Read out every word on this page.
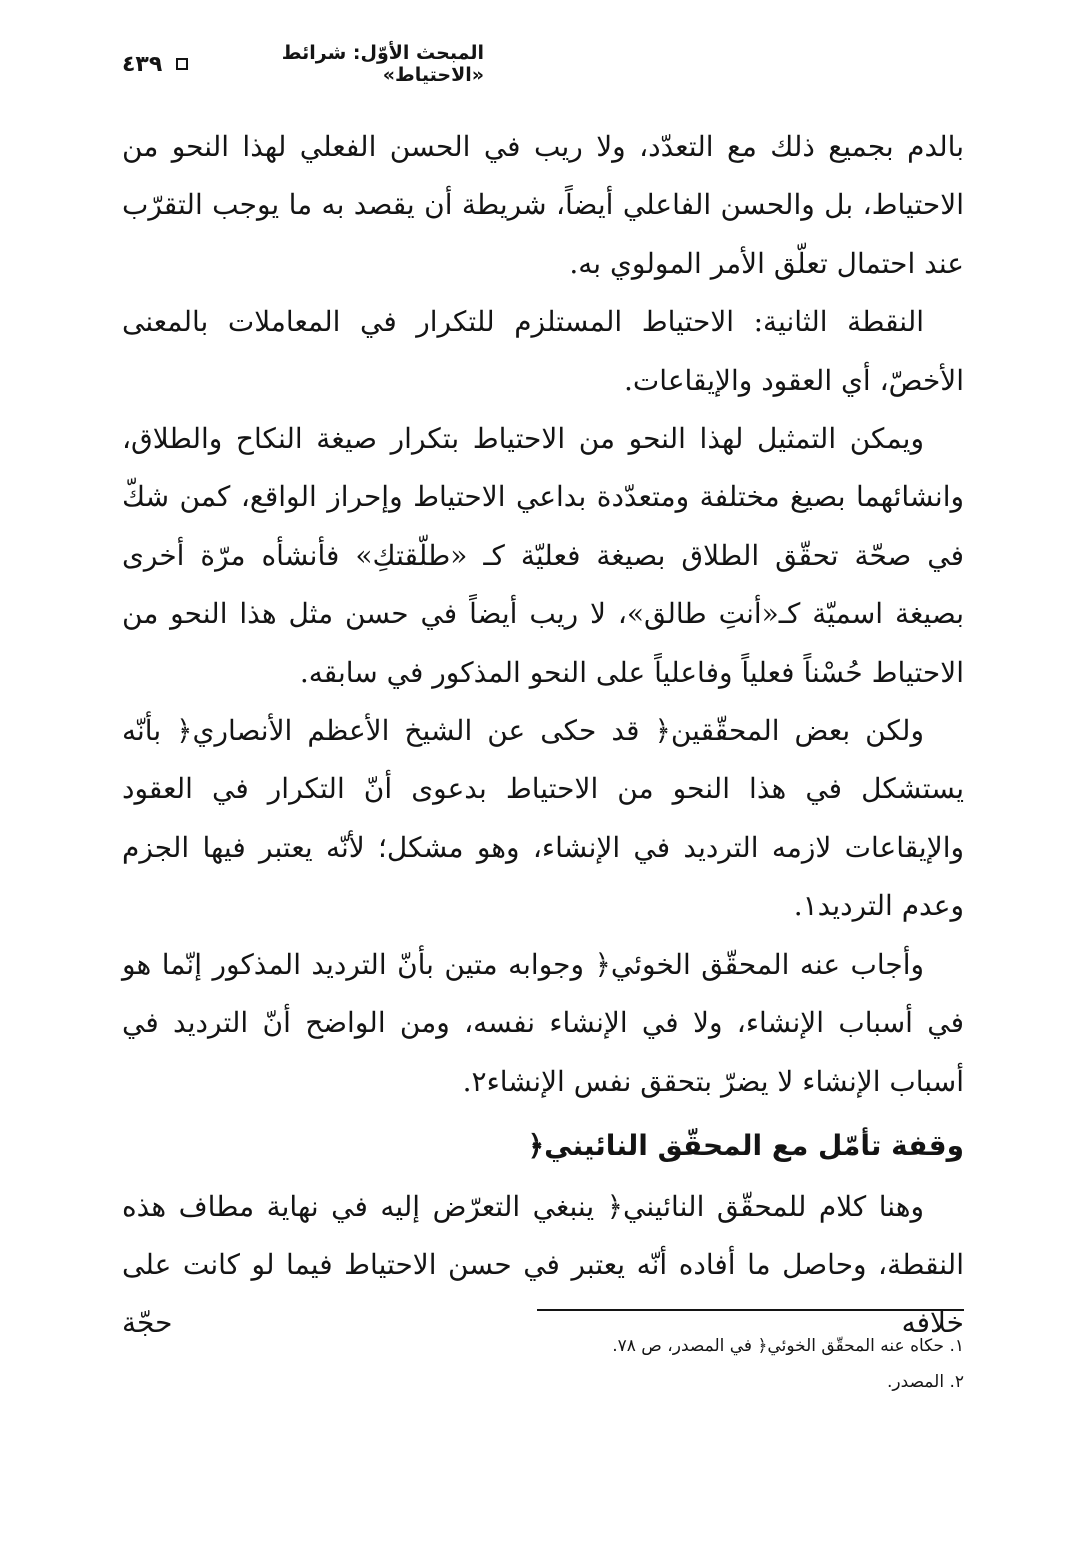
المبحث الأوّل: شرائط «الاحتياط»
٤٣٩

بالدم بجميع ذلك مع التعدّد، ولا ريب في الحسن الفعلي لهذا النحو من الاحتياط، بل والحسن الفاعلي أيضاً، شريطة أن يقصد به ما يوجب التقرّب عند احتمال تعلّق الأمر المولوي به.

النقطة الثانية: الاحتياط المستلزم للتكرار في المعاملات بالمعنى الأخصّ، أي العقود والإيقاعات.

ويمكن التمثيل لهذا النحو من الاحتياط بتكرار صيغة النكاح والطلاق، وانشائهما بصيغ مختلفة ومتعدّدة بداعي الاحتياط وإحراز الواقع، كمن شكّ في صحّة تحقّق الطلاق بصيغة فعليّة كـ «طلّقتكِ» فأنشأه مرّة أخرى بصيغة اسميّة كـ«أنتِ طالق»، لا ريب أيضاً في حسن مثل هذا النحو من الاحتياط حُسْناً فعلياً وفاعلياً على النحو المذكور في سابقه.

ولكن بعض المحقّقين﴿ قد حكى عن الشيخ الأعظم الأنصاري﴿ بأنّه يستشكل في هذا النحو من الاحتياط بدعوى أنّ التكرار في العقود والإيقاعات لازمه الترديد في الإنشاء، وهو مشكل؛ لأنّه يعتبر فيها الجزم وعدم الترديد١.

وأجاب عنه المحقّق الخوئي﴿ وجوابه متين بأنّ الترديد المذكور إنّما هو في أسباب الإنشاء، ولا في الإنشاء نفسه، ومن الواضح أنّ الترديد في أسباب الإنشاء لا يضرّ بتحقق نفس الإنشاء٢.

وقفة تأمّل مع المحقّق النائيني﴿

وهنا كلام للمحقّق النائيني﴿ ينبغي التعرّض إليه في نهاية مطاف هذه النقطة، وحاصل ما أفاده أنّه يعتبر في حسن الاحتياط فيما لو كانت على خلافه حجّة

١. حكاه عنه المحقّق الخوئي﴿ في المصدر، ص ٧٨.
٢. المصدر.
